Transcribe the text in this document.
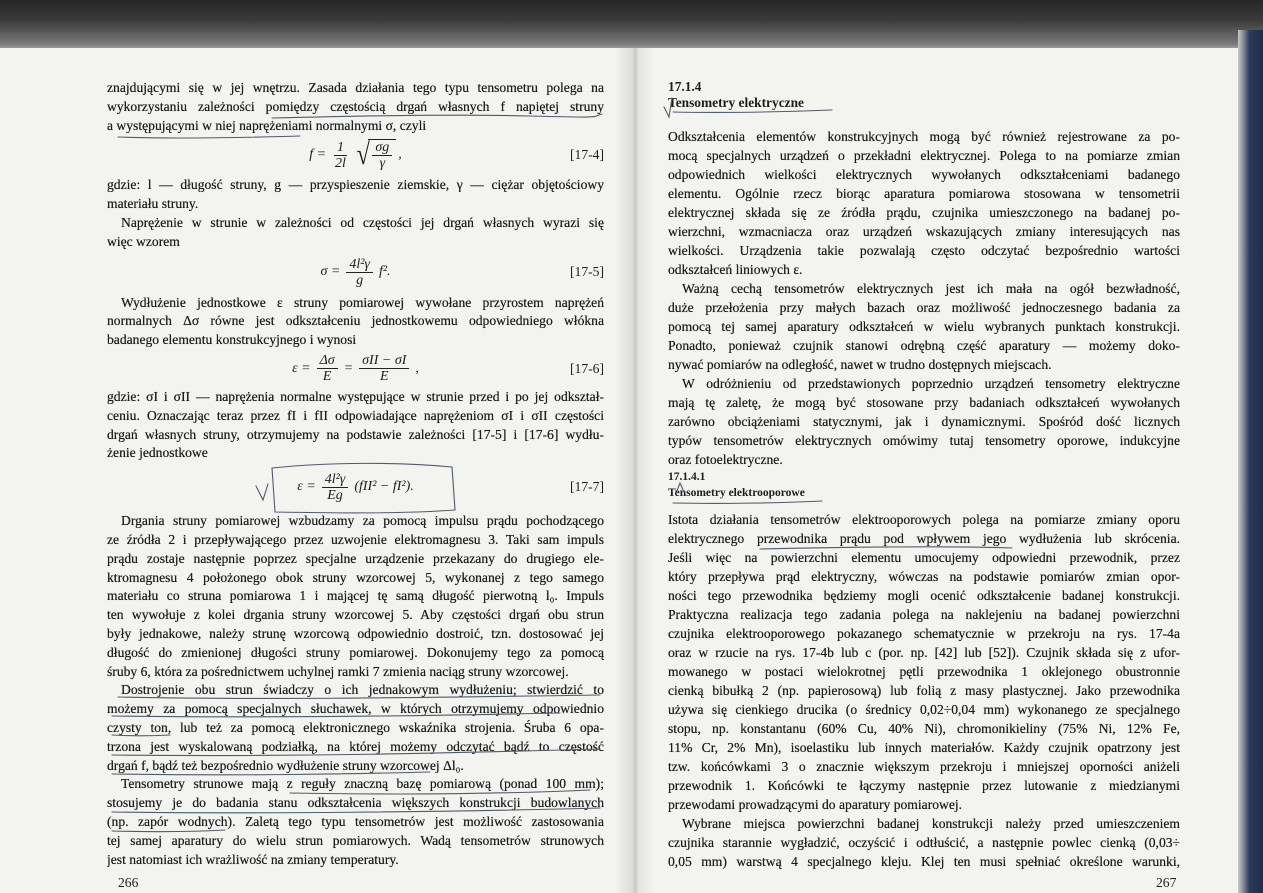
znajdującymi się w jej wnętrzu. Zasada działania tego typu tensometru polega na
wykorzystaniu zależności pomiędzy częstością drgań własnych f napiętej struny
a występującymi w niej naprężeniami normalnymi σ, czyli
$f = \frac{1}{2l}$ √ $\frac{\sigma g}{\gamma}$ ,	[17-4]
gdzie: l — długość struny, g — przyspieszenie ziemskie, γ — ciężar objętościowy
materiału struny.
Naprężenie w strunie w zależności od częstości jej drgań własnych wyrazi się
więc wzorem
$\sigma = \frac{\text{4l²γ}}{g} f^2$.	[17-5]
Wydłużenie jednostkowe ε struny pomiarowej wywołane przyrostem naprężeń
normalnych Δσ równe jest odkształceniu jednostkowemu odpowiedniego włókna
badanego elementu konstrukcyjnego i wynosi
$\varepsilon = \frac{\Delta\sigma}{E} = \frac{\text{σII − σI}}{E}$ ,	[17-6]
gdzie: σI i σII — naprężenia normalne występujące w strunie przed i po jej odkształ-
ceniu. Oznaczając teraz przez fI i fII odpowiadające naprężeniom σI i σII częstości
drgań własnych struny, otrzymujemy na podstawie zależności [17-5] i [17-6] wydłu-
żenie jednostkowe
$\varepsilon = \frac{\text{4l²γ}}{Eg} (fII^2 - fI^2)$.	[17-7]
Drgania struny pomiarowej wzbudzamy za pomocą impulsu prądu pochodzącego
ze źródła 2 i przepływającego przez uzwojenie elektromagnesu 3. Taki sam impuls
prądu zostaje następnie poprzez specjalne urządzenie przekazany do drugiego ele-
ktromagnesu 4 położonego obok struny wzorcowej 5, wykonanej z tego samego
materiału co struna pomiarowa 1 i mającej tę samą długość pierwotną l₀. Impuls
ten wywołuje z kolei drgania struny wzorcowej 5. Aby częstości drgań obu strun
były jednakowe, należy strunę wzorcową odpowiednio dostroić, tzn. dostosować jej
długość do zmienionej długości struny pomiarowej. Dokonujemy tego za pomocą
śruby 6, która za pośrednictwem uchylnej ramki 7 zmienia naciąg struny wzorcowej.
Dostrojenie obu strun świadczy o ich jednakowym wydłużeniu; stwierdzić to
możemy za pomocą specjalnych słuchawek, w których otrzymujemy odpowiednio
czysty ton, lub też za pomocą elektronicznego wskaźnika strojenia. Śruba 6 opa-
trzona jest wyskalowaną podziałką, na której możemy odczytać bądź to częstość
drgań f, bądź też bezpośrednio wydłużenie struny wzorcowej Δl₀.
Tensometry strunowe mają z reguły znaczną bazę pomiarową (ponad 100 mm);
stosujemy je do badania stanu odkształcenia większych konstrukcji budowlanych
(np. zapór wodnych). Zaletą tego typu tensometrów jest możliwość zastosowania
tej samej aparatury do wielu strun pomiarowych. Wadą tensometrów strunowych
jest natomiast ich wrażliwość na zmiany temperatury.
17.1.4
Tensometry elektryczne
Odkształcenia elementów konstrukcyjnych mogą być również rejestrowane za po-
mocą specjalnych urządzeń o przekładni elektrycznej. Polega to na pomiarze zmian
odpowiednich wielkości elektrycznych wywołanych odkształceniami badanego
elementu. Ogólnie rzecz biorąc aparatura pomiarowa stosowana w tensometrii
elektrycznej składa się ze źródła prądu, czujnika umieszczonego na badanej po-
wierzchni, wzmacniacza oraz urządzeń wskazujących zmiany interesujących nas
wielkości. Urządzenia takie pozwalają często odczytać bezpośrednio wartości
odkształceń liniowych ε.
Ważną cechą tensometrów elektrycznych jest ich mała na ogół bezwładność,
duże przełożenia przy małych bazach oraz możliwość jednoczesnego badania za
pomocą tej samej aparatury odkształceń w wielu wybranych punktach konstrukcji.
Ponadto, ponieważ czujnik stanowi odrębną część aparatury — możemy doko-
nywać pomiarów na odległość, nawet w trudno dostępnych miejscach.
W odróżnieniu od przedstawionych poprzednio urządzeń tensometry elektryczne
mają tę zaletę, że mogą być stosowane przy badaniach odkształceń wywołanych
zarówno obciążeniami statycznymi, jak i dynamicznymi. Spośród dość licznych
typów tensometrów elektrycznych omówimy tutaj tensometry oporowe, indukcyjne
oraz fotoelektryczne.
17.1.4.1
Tensometry elektrooporowe
Istota działania tensometrów elektrooporowych polega na pomiarze zmiany oporu
elektrycznego przewodnika prądu pod wpływem jego wydłużenia lub skrócenia.
Jeśli więc na powierzchni elementu umocujemy odpowiedni przewodnik, przez
który przepływa prąd elektryczny, wówczas na podstawie pomiarów zmian opor-
ności tego przewodnika będziemy mogli ocenić odkształcenie badanej konstrukcji.
Praktyczna realizacja tego zadania polega na naklejeniu na badanej powierzchni
czujnika elektrooporowego pokazanego schematycznie w przekroju na rys. 17-4a
oraz w rzucie na rys. 17-4b lub c (por. np. [42] lub [52]). Czujnik składa się z ufor-
mowanego w postaci wielokrotnej pętli przewodnika 1 oklejonego obustronnie
cienką bibułką 2 (np. papierosową) lub folią z masy plastycznej. Jako przewodnika
używa się cienkiego drucika (o średnicy 0,02÷0,04 mm) wykonanego ze specjalnego
stopu, np. konstantanu (60% Cu, 40% Ni), chromonikieliny (75% Ni, 12% Fe,
11% Cr, 2% Mn), isoelastiku lub innych materiałów. Każdy czujnik opatrzony jest
tzw. końcówkami 3 o znacznie większym przekroju i mniejszej oporności aniżeli
przewodnik 1. Końcówki te łączymy następnie przez lutowanie z miedzianymi
przewodami prowadzącymi do aparatury pomiarowej.
Wybrane miejsca powierzchni badanej konstrukcji należy przed umieszczeniem
czujnika starannie wygładzić, oczyścić i odtłuścić, a następnie powlec cienką (0,03÷
0,05 mm) warstwą 4 specjalnego kleju. Klej ten musi spełniać określone warunki,
266	267
